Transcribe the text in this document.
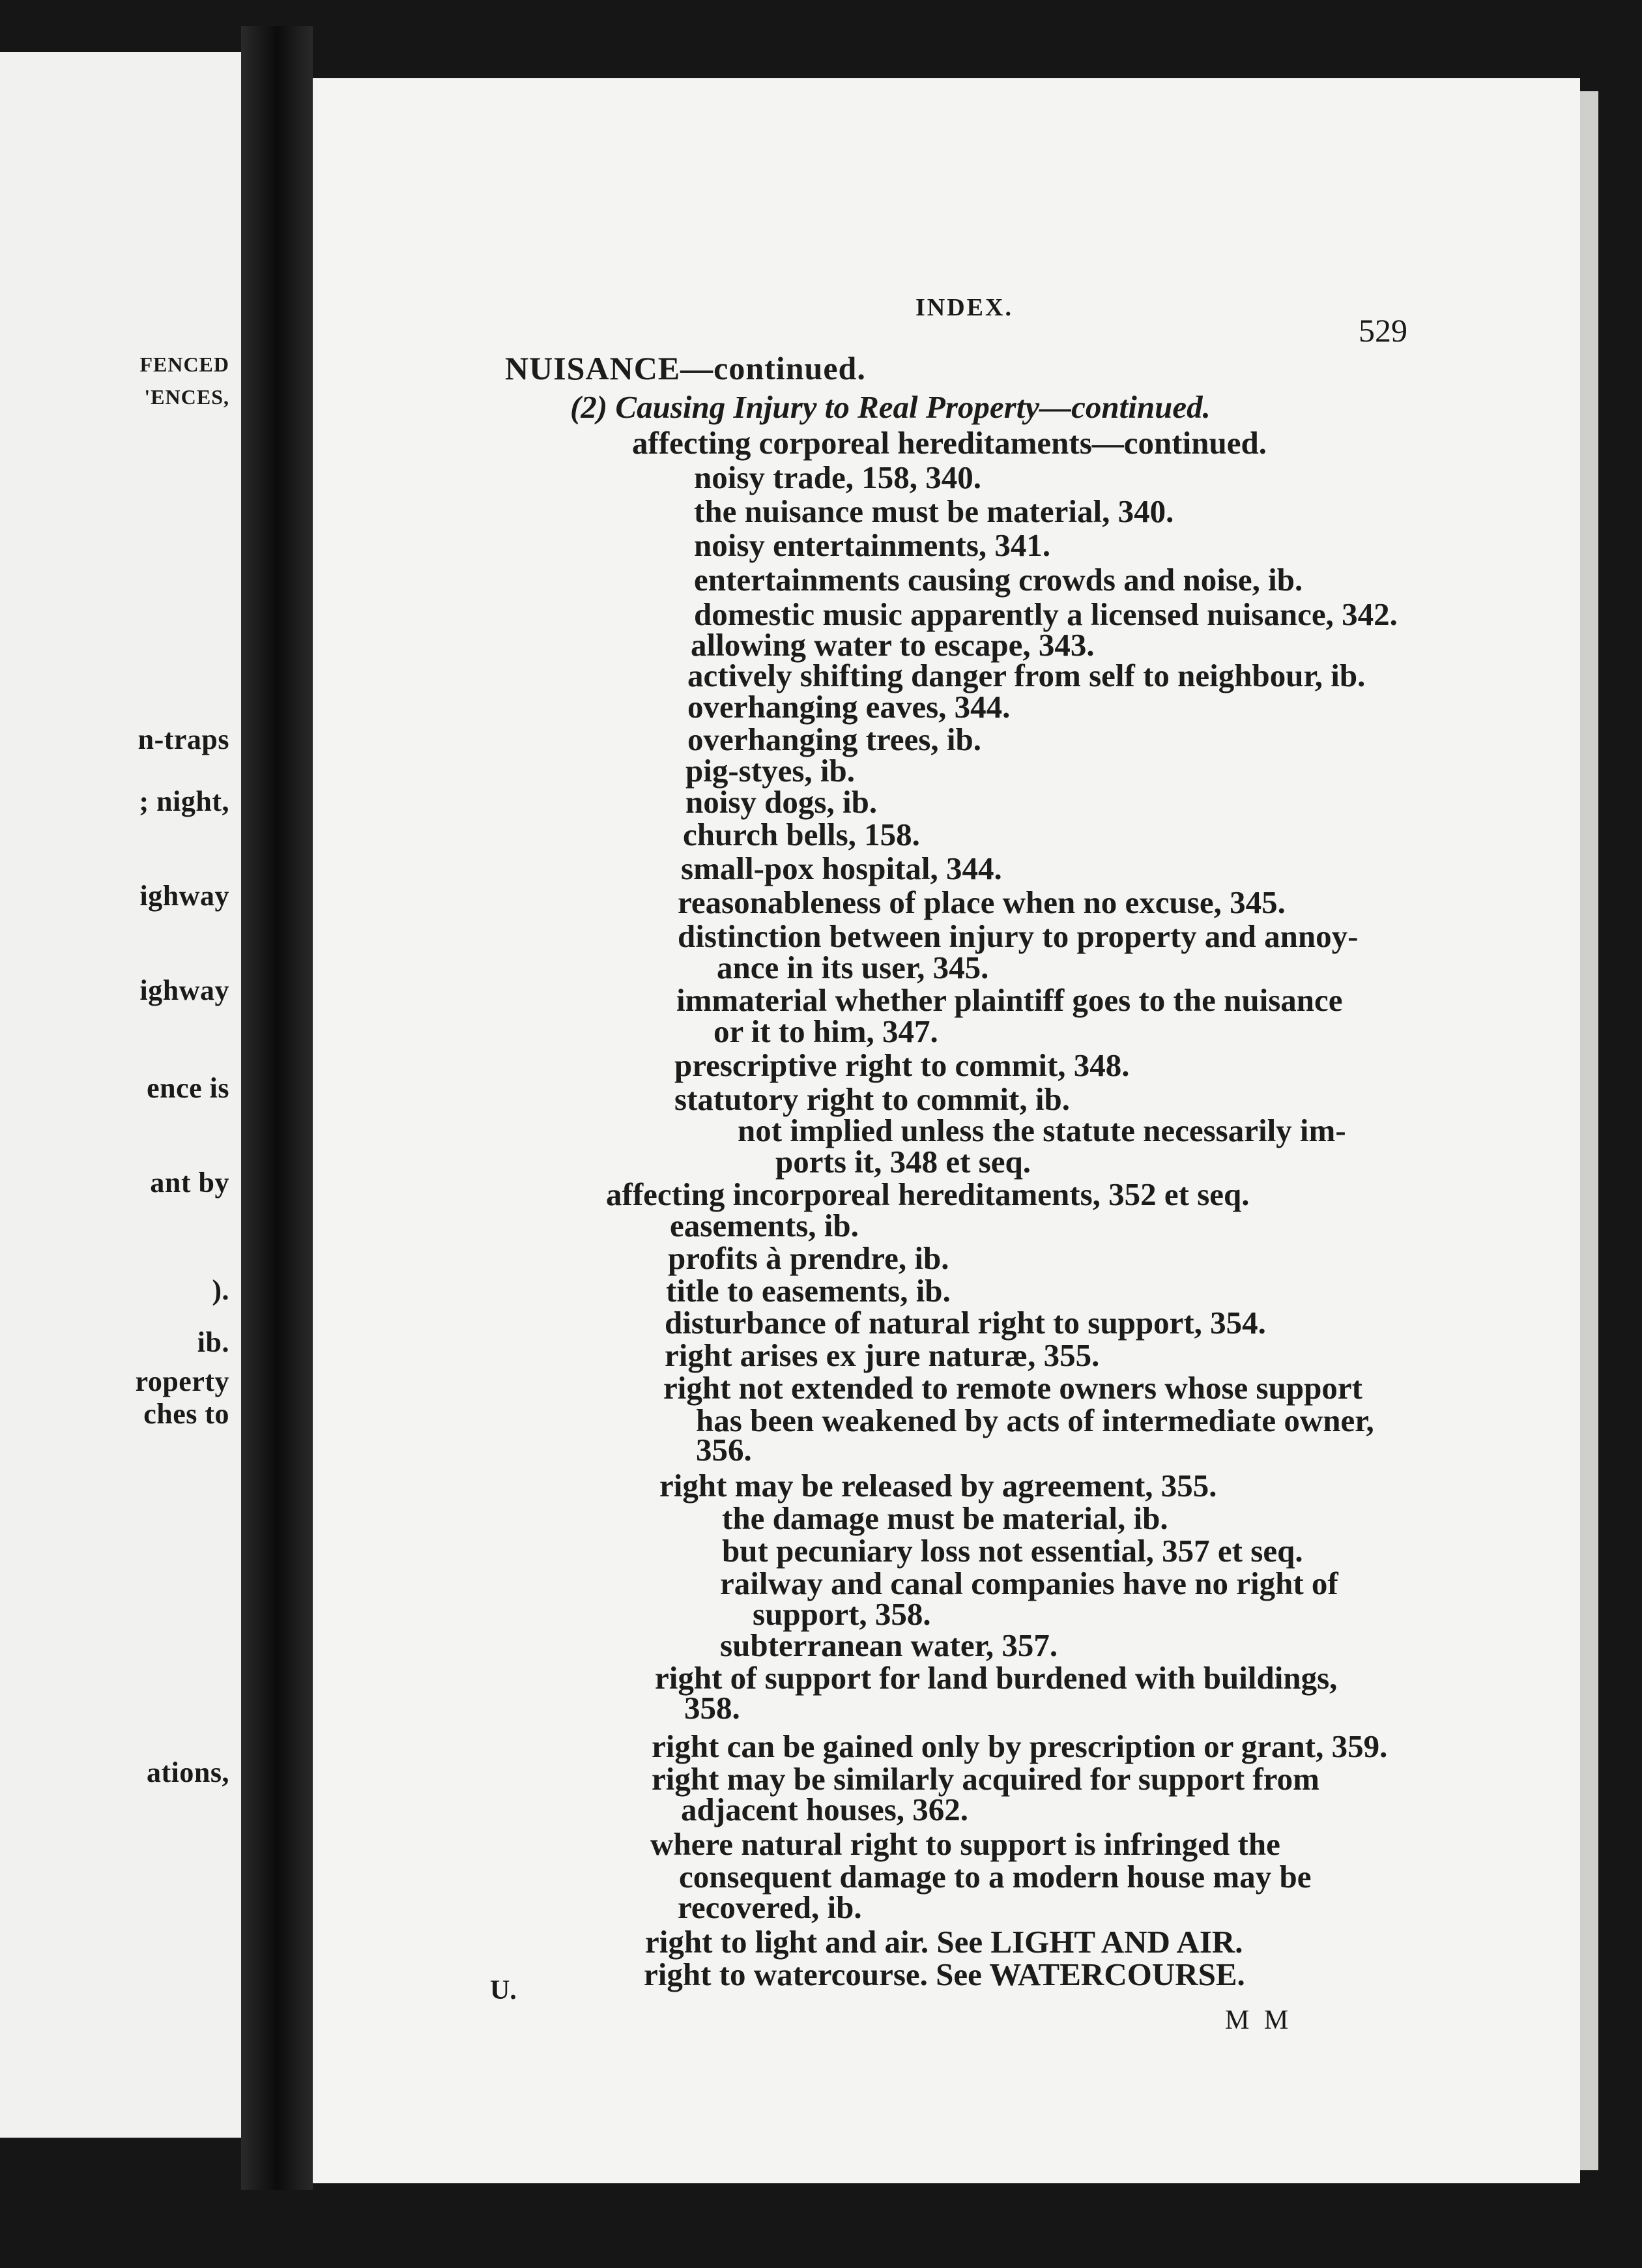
FENCED
'ENCES,
n-traps
; night,
ighway
ighway
ence is
ant by
).
ib.
roperty
ches to
ations,
INDEX.
529
NUISANCE—continued.
(2) Causing Injury to Real Property—continued.
affecting corporeal hereditaments—continued.
noisy trade, 158, 340.
the nuisance must be material, 340.
noisy entertainments, 341.
entertainments causing crowds and noise, ib.
domestic music apparently a licensed nuisance, 342.
allowing water to escape, 343.
actively shifting danger from self to neighbour, ib.
overhanging eaves, 344.
overhanging trees, ib.
pig-styes, ib.
noisy dogs, ib.
church bells, 158.
small-pox hospital, 344.
reasonableness of place when no excuse, 345.
distinction between injury to property and annoy-
ance in its user, 345.
immaterial whether plaintiff goes to the nuisance
or it to him, 347.
prescriptive right to commit, 348.
statutory right to commit, ib.
not implied unless the statute necessarily im-
ports it, 348 et seq.
affecting incorporeal hereditaments, 352 et seq.
easements, ib.
profits à prendre, ib.
title to easements, ib.
disturbance of natural right to support, 354.
right arises ex jure naturæ, 355.
right not extended to remote owners whose support
has been weakened by acts of intermediate owner,
356.
right may be released by agreement, 355.
the damage must be material, ib.
but pecuniary loss not essential, 357 et seq.
railway and canal companies have no right of
support, 358.
subterranean water, 357.
right of support for land burdened with buildings,
358.
right can be gained only by prescription or grant, 359.
right may be similarly acquired for support from
adjacent houses, 362.
where natural right to support is infringed the
consequent damage to a modern house may be
recovered, ib.
right to light and air. See LIGHT AND AIR.
right to watercourse. See WATERCOURSE.
U.
M M
